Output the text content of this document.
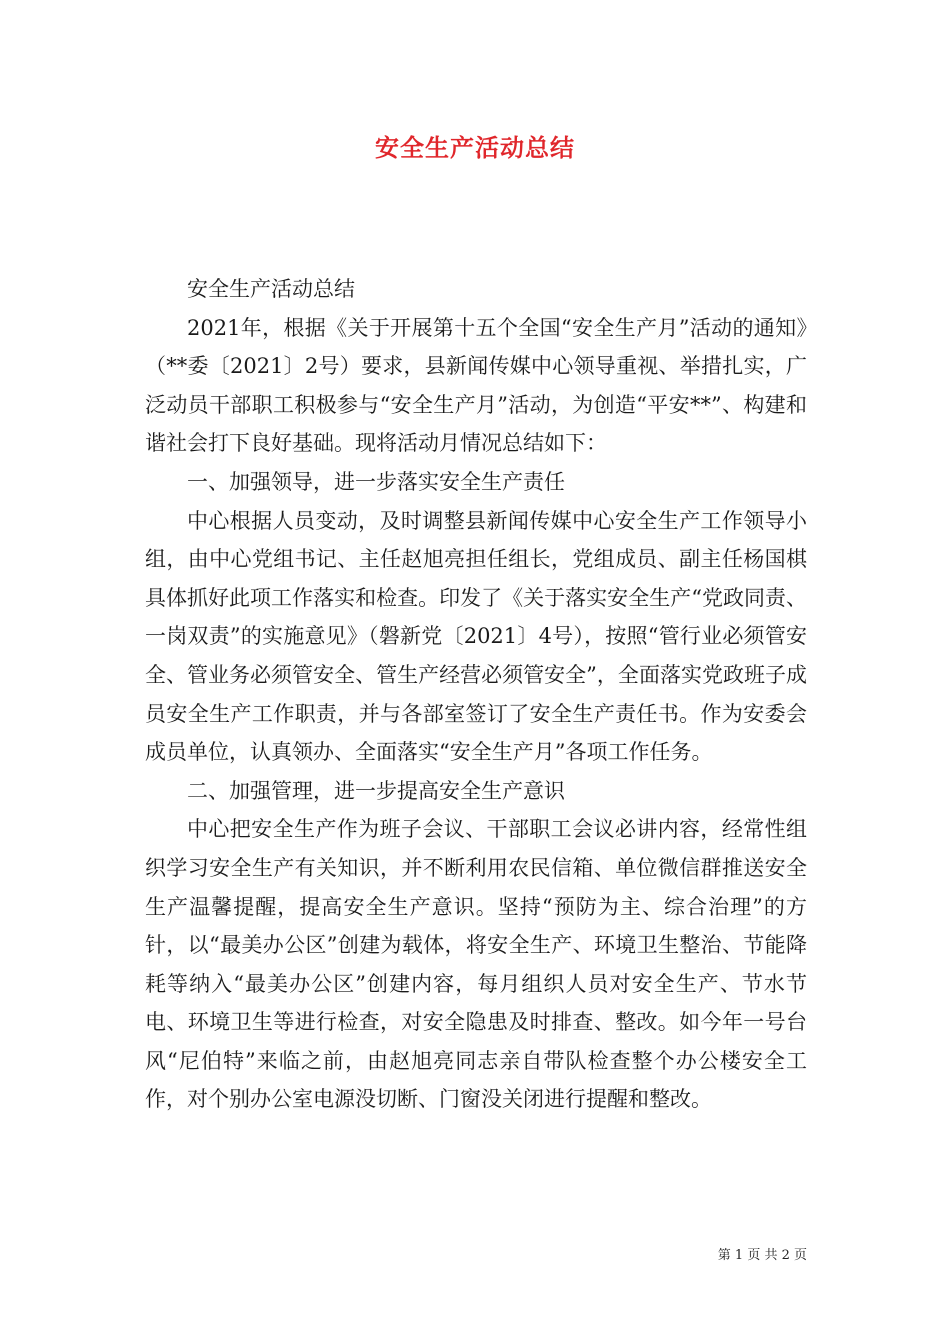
安全生产活动总结

安全生产活动总结

2021年，根据《关于开展第十五个全国“安全生产月”活动的通知》（**委〔2021〕2号）要求，县新闻传媒中心领导重视、举措扎实，广泛动员干部职工积极参与“安全生产月”活动，为创造“平安**”、构建和谐社会打下良好基础。现将活动月情况总结如下：

一、加强领导，进一步落实安全生产责任

中心根据人员变动，及时调整县新闻传媒中心安全生产工作领导小组，由中心党组书记、主任赵旭亮担任组长，党组成员、副主任杨国棋具体抓好此项工作落实和检查。印发了《关于落实安全生产“党政同责、一岗双责”的实施意见》（磐新党〔2021〕4号），按照“管行业必须管安全、管业务必须管安全、管生产经营必须管安全”，全面落实党政班子成员安全生产工作职责，并与各部室签订了安全生产责任书。作为安委会成员单位，认真领办、全面落实“安全生产月”各项工作任务。

二、加强管理，进一步提高安全生产意识

中心把安全生产作为班子会议、干部职工会议必讲内容，经常性组织学习安全生产有关知识，并不断利用农民信箱、单位微信群推送安全生产温馨提醒，提高安全生产意识。坚持“预防为主、综合治理”的方针，以“最美办公区”创建为载体，将安全生产、环境卫生整治、节能降耗等纳入“最美办公区”创建内容，每月组织人员对安全生产、节水节电、环境卫生等进行检查，对安全隐患及时排查、整改。如今年一号台风“尼伯特”来临之前，由赵旭亮同志亲自带队检查整个办公楼安全工作，对个别办公室电源没切断、门窗没关闭进行提醒和整改。

第 1 页 共 2 页
